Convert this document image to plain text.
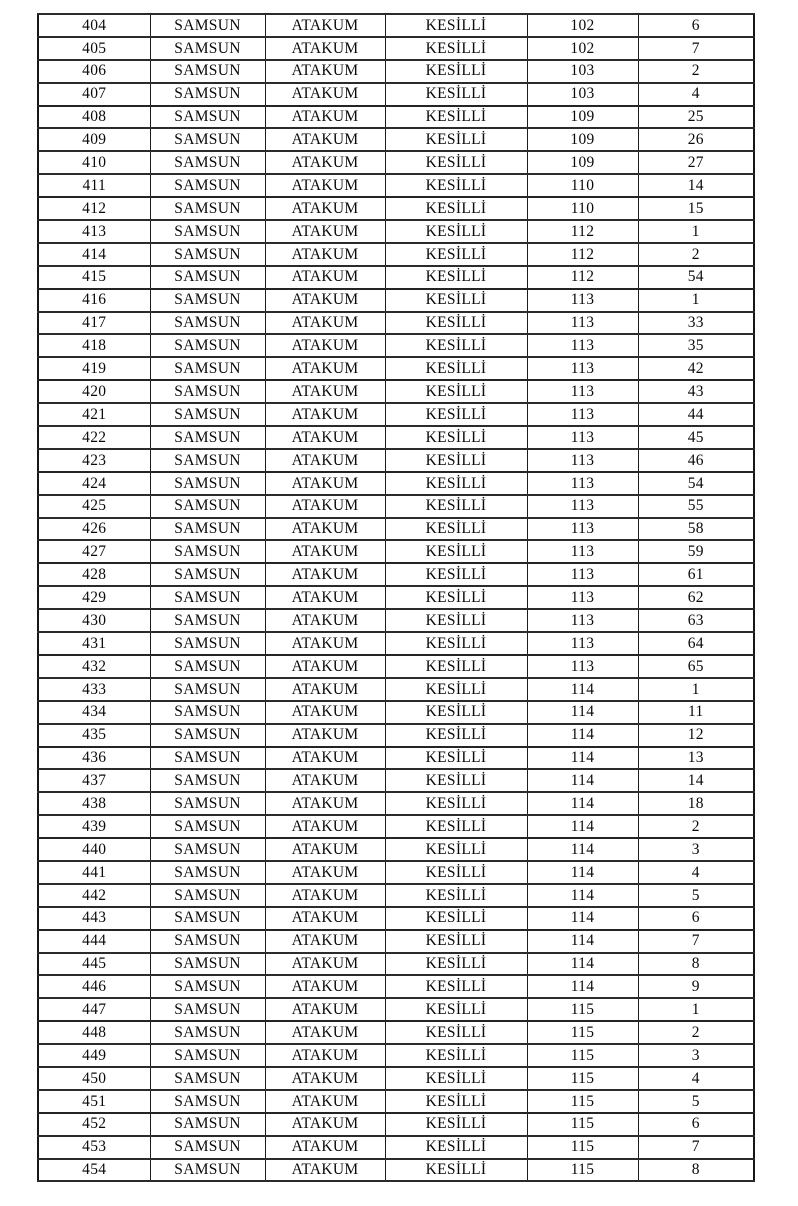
404	SAMSUN	ATAKUM	KESİLLİ	102	6
405	SAMSUN	ATAKUM	KESİLLİ	102	7
406	SAMSUN	ATAKUM	KESİLLİ	103	2
407	SAMSUN	ATAKUM	KESİLLİ	103	4
408	SAMSUN	ATAKUM	KESİLLİ	109	25
409	SAMSUN	ATAKUM	KESİLLİ	109	26
410	SAMSUN	ATAKUM	KESİLLİ	109	27
411	SAMSUN	ATAKUM	KESİLLİ	110	14
412	SAMSUN	ATAKUM	KESİLLİ	110	15
413	SAMSUN	ATAKUM	KESİLLİ	112	1
414	SAMSUN	ATAKUM	KESİLLİ	112	2
415	SAMSUN	ATAKUM	KESİLLİ	112	54
416	SAMSUN	ATAKUM	KESİLLİ	113	1
417	SAMSUN	ATAKUM	KESİLLİ	113	33
418	SAMSUN	ATAKUM	KESİLLİ	113	35
419	SAMSUN	ATAKUM	KESİLLİ	113	42
420	SAMSUN	ATAKUM	KESİLLİ	113	43
421	SAMSUN	ATAKUM	KESİLLİ	113	44
422	SAMSUN	ATAKUM	KESİLLİ	113	45
423	SAMSUN	ATAKUM	KESİLLİ	113	46
424	SAMSUN	ATAKUM	KESİLLİ	113	54
425	SAMSUN	ATAKUM	KESİLLİ	113	55
426	SAMSUN	ATAKUM	KESİLLİ	113	58
427	SAMSUN	ATAKUM	KESİLLİ	113	59
428	SAMSUN	ATAKUM	KESİLLİ	113	61
429	SAMSUN	ATAKUM	KESİLLİ	113	62
430	SAMSUN	ATAKUM	KESİLLİ	113	63
431	SAMSUN	ATAKUM	KESİLLİ	113	64
432	SAMSUN	ATAKUM	KESİLLİ	113	65
433	SAMSUN	ATAKUM	KESİLLİ	114	1
434	SAMSUN	ATAKUM	KESİLLİ	114	11
435	SAMSUN	ATAKUM	KESİLLİ	114	12
436	SAMSUN	ATAKUM	KESİLLİ	114	13
437	SAMSUN	ATAKUM	KESİLLİ	114	14
438	SAMSUN	ATAKUM	KESİLLİ	114	18
439	SAMSUN	ATAKUM	KESİLLİ	114	2
440	SAMSUN	ATAKUM	KESİLLİ	114	3
441	SAMSUN	ATAKUM	KESİLLİ	114	4
442	SAMSUN	ATAKUM	KESİLLİ	114	5
443	SAMSUN	ATAKUM	KESİLLİ	114	6
444	SAMSUN	ATAKUM	KESİLLİ	114	7
445	SAMSUN	ATAKUM	KESİLLİ	114	8
446	SAMSUN	ATAKUM	KESİLLİ	114	9
447	SAMSUN	ATAKUM	KESİLLİ	115	1
448	SAMSUN	ATAKUM	KESİLLİ	115	2
449	SAMSUN	ATAKUM	KESİLLİ	115	3
450	SAMSUN	ATAKUM	KESİLLİ	115	4
451	SAMSUN	ATAKUM	KESİLLİ	115	5
452	SAMSUN	ATAKUM	KESİLLİ	115	6
453	SAMSUN	ATAKUM	KESİLLİ	115	7
454	SAMSUN	ATAKUM	KESİLLİ	115	8
